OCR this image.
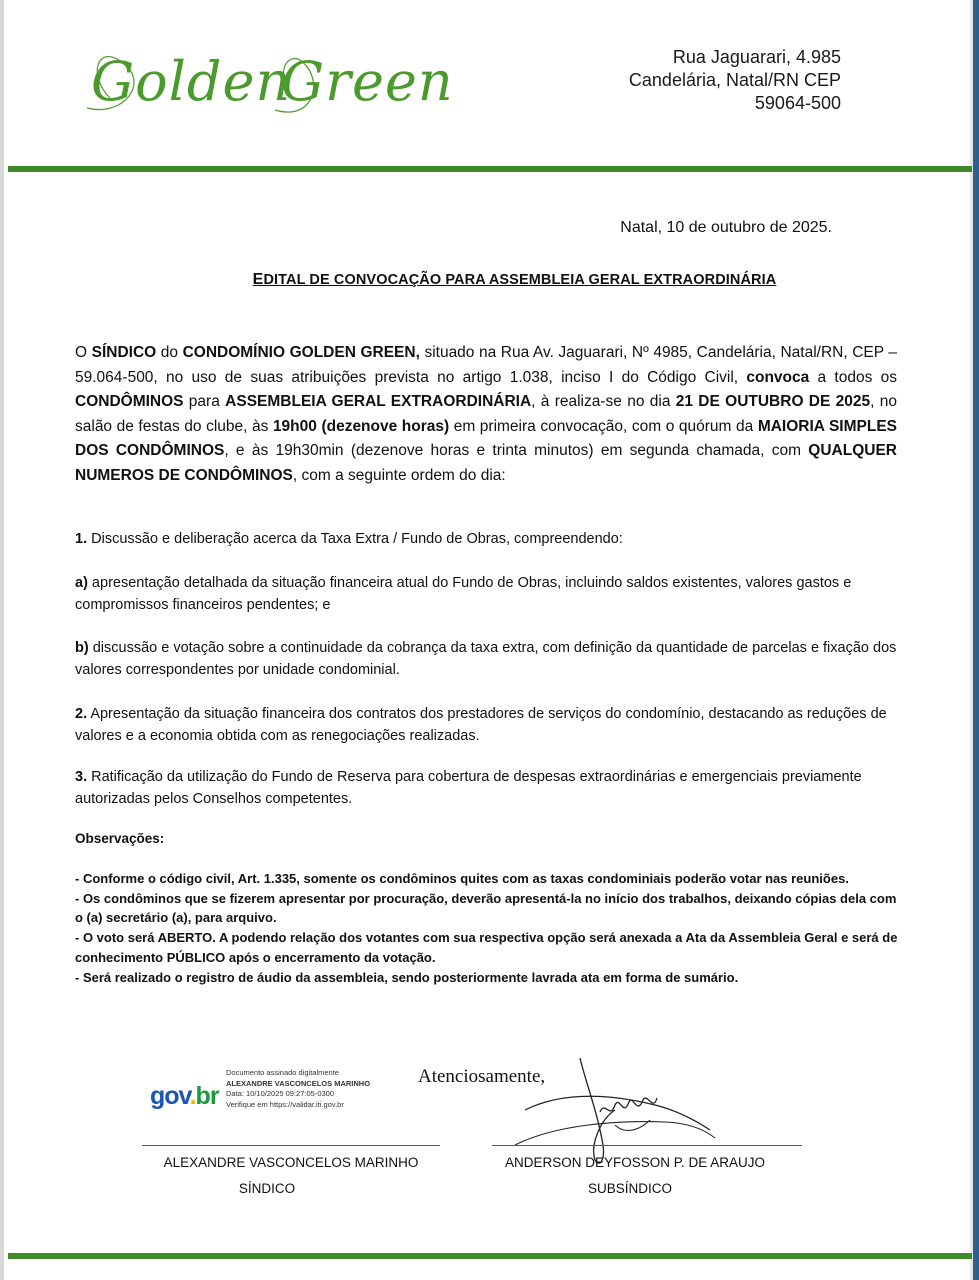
Golden
Green	Rua Jaguarari, 4.985
Candelária, Natal/RN CEP
59064-500
Natal, 10 de outubro de 2025.
EDITAL DE CONVOCAÇÃO PARA ASSEMBLEIA GERAL EXTRAORDINÁRIA
O SÍNDICO do CONDOMÍNIO GOLDEN GREEN, situado na Rua Av. Jaguarari, Nº 4985, Candelária, Natal/RN, CEP – 59.064-500, no uso de suas atribuições prevista no artigo 1.038, inciso I do Código Civil, convoca a todos os CONDÔMINOS para ASSEMBLEIA GERAL EXTRAORDINÁRIA, à realiza-se no dia 21 DE OUTUBRO DE 2025, no salão de festas do clube, às 19h00 (dezenove horas) em primeira convocação, com o quórum da MAIORIA SIMPLES DOS CONDÔMINOS, e às 19h30min (dezenove horas e trinta minutos) em segunda chamada, com QUALQUER NUMEROS DE CONDÔMINOS, com a seguinte ordem do dia:
1. Discussão e deliberação acerca da Taxa Extra / Fundo de Obras, compreendendo:
a) apresentação detalhada da situação financeira atual do Fundo de Obras, incluindo saldos existentes, valores gastos e compromissos financeiros pendentes; e
b) discussão e votação sobre a continuidade da cobrança da taxa extra, com definição da quantidade de parcelas e fixação dos valores correspondentes por unidade condominial.
2. Apresentação da situação financeira dos contratos dos prestadores de serviços do condomínio, destacando as reduções de valores e a economia obtida com as renegociações realizadas.
3. Ratificação da utilização do Fundo de Reserva para cobertura de despesas extraordinárias e emergenciais previamente autorizadas pelos Conselhos competentes.
Observações:

- Conforme o código civil, Art. 1.335, somente os condôminos quites com as taxas condominiais poderão votar nas reuniões.

- Os condôminos que se fizerem apresentar por procuração, deverão apresentá-la no início dos trabalhos, deixando cópias dela com o (a) secretário (a), para arquivo.

- O voto será ABERTO. A podendo relação dos votantes com sua respectiva opção será anexada a Ata da Assembleia Geral e será de conhecimento PÚBLICO após o encerramento da votação.

- Será realizado o registro de áudio da assembleia, sendo posteriormente lavrada ata em forma de sumário.

gov.br
Documento assinado digitalmente
ALEXANDRE VASCONCELOS MARINHO
Data: 10/10/2025 09:27:05-0300
Verifique em https://validar.iti.gov.br
Atenciosamente,
ALEXANDRE VASCONCELOS MARINHO
SÍNDICO
ANDERSON DEYFOSSON P. DE ARAUJO
SUBSÍNDICO
